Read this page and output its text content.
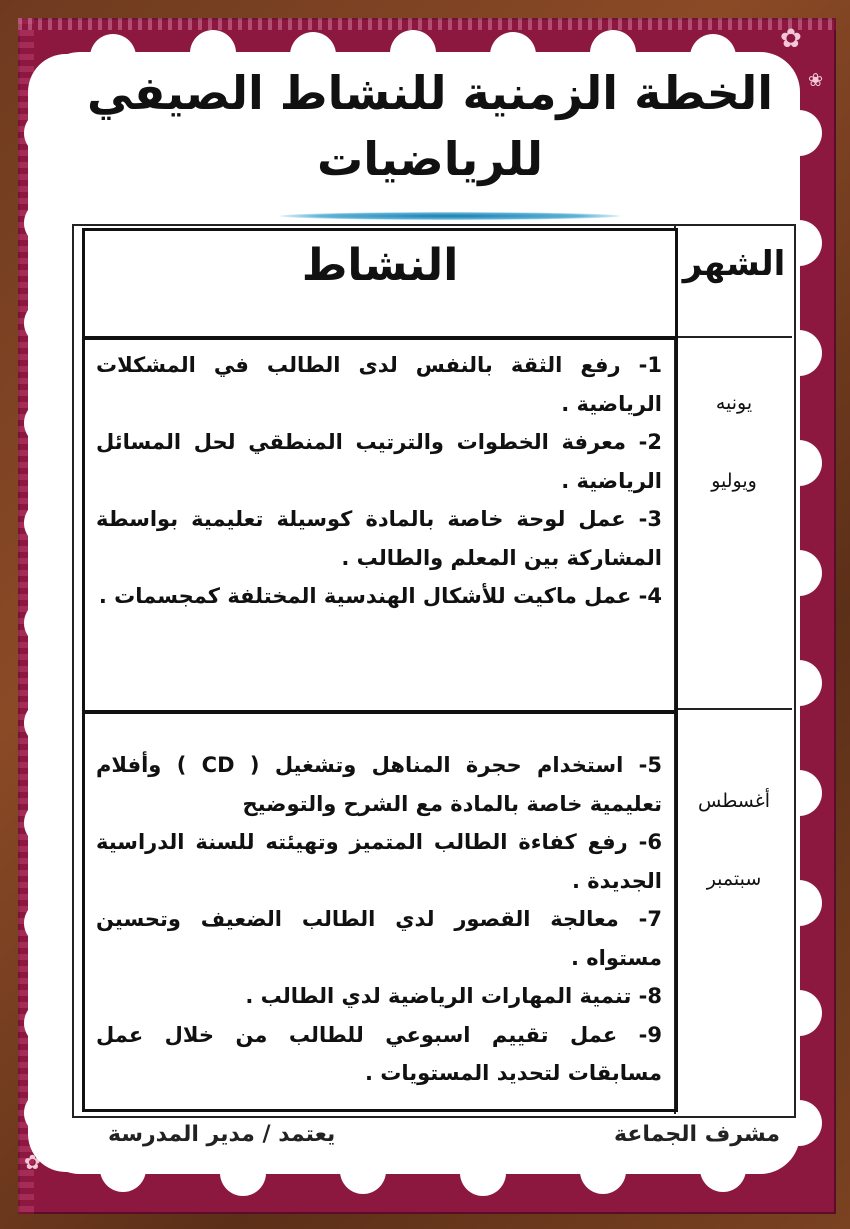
✿
❀
✿
الخطة الزمنية للنشاط الصيفي
للرياضيات
النشاط	الشهر
يونيه
ويوليو
أغسطس
سبتمبر

1- رفع الثقة بالنفس لدى الطالب في المشكلات الرياضية .

2- معرفة الخطوات والترتيب المنطقي لحل المسائل الرياضية .

3- عمل لوحة خاصة بالمادة كوسيلة تعليمية بواسطة المشاركة بين المعلم والطالب .

4- عمل ماكيت للأشكال الهندسية المختلفة كمجسمات .

5- استخدام حجرة المناهل وتشغيل ( CD ) وأفلام تعليمية خاصة بالمادة مع الشرح والتوضيح

6- رفع كفاءة الطالب المتميز وتهيئته للسنة الدراسية الجديدة .

7- معالجة القصور لدي الطالب الضعيف وتحسين مستواه .

8- تنمية المهارات الرياضية لدي الطالب .

9- عمل تقييم اسبوعي للطالب من خلال عمل مسابقات لتحديد المستويات .

مشرف الجماعة
يعتمد / مدير المدرسة
